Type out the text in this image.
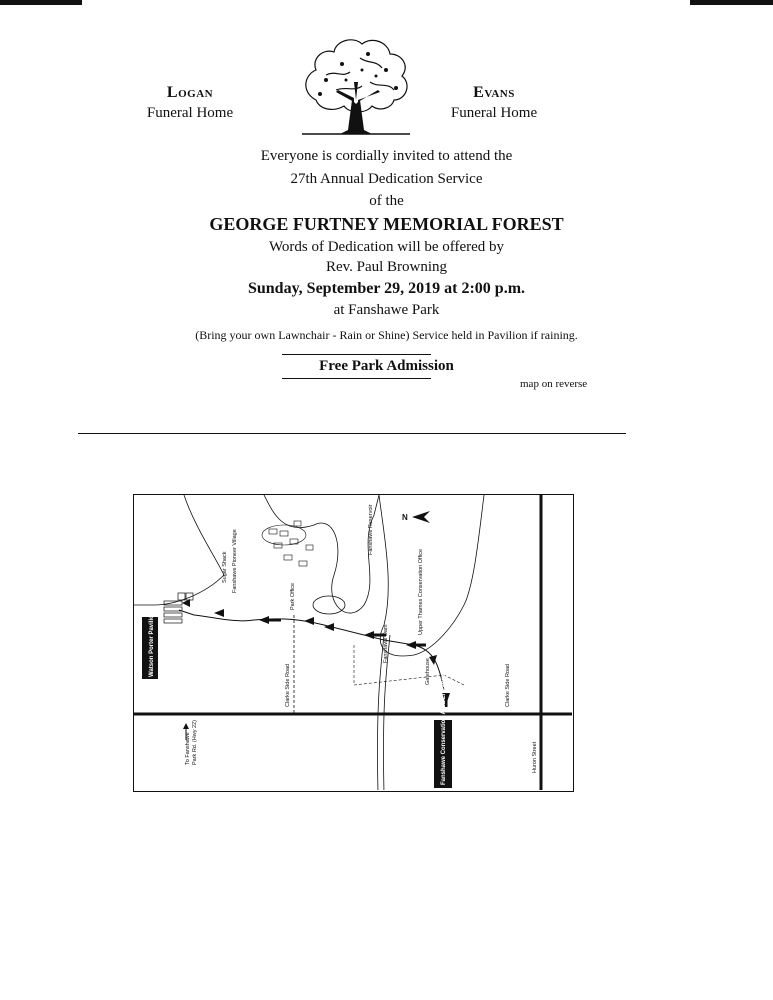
Logan
Funeral Home
Evans
Funeral Home
Everyone is cordially invited to attend the
27th Annual Dedication Service
of the
GEORGE FURTNEY MEMORIAL FOREST
Words of Dedication will be offered by
Rev. Paul Browning
Sunday, September 29, 2019 at 2:00 p.m.
at Fanshawe Park
(Bring your own Lawnchair - Rain or Shine) Service held in Pavilion if raining.
Free Park Admission
map on reverse
Watson Porter Pavilion
Fanshawe Conservation Area Entrance
Clarke Side Road	Clarke Side Road
Huron Street
Fanshawe Reservoir
Park Office
Fanshawe Dam
Fanshawe Pioneer Village
Gatehouse
Upper Thames Conservation Office
Sugar Shack
To Fanshawe Park Rd. (Hwy 22)
N
